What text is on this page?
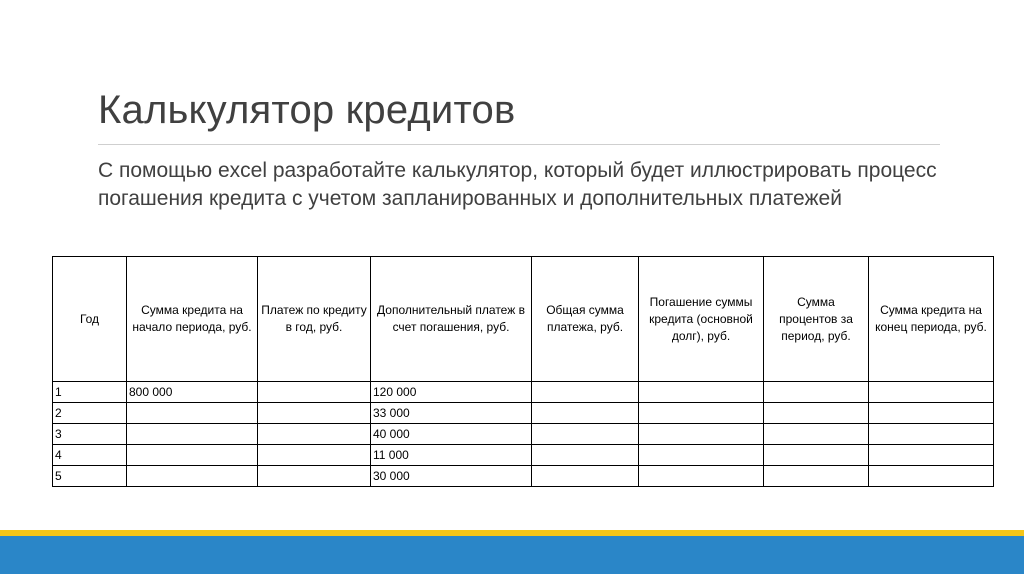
Калькулятор кредитов
С помощью excel разработайте калькулятор, который будет иллюстрировать процесс погашения кредита с учетом запланированных и дополнительных платежей
Год	Сумма кредита на начало периода, руб.	Платеж по кредиту в год, руб.	Дополнительный платеж в счет погашения, руб.	Общая сумма платежа, руб.	Погашение суммы кредита (основной долг), руб.	Сумма процентов за период, руб.	Сумма кредита на конец периода, руб.
1	800 000		120 000				
2			33 000				
3			40 000				
4			11 000				
5			30 000				
